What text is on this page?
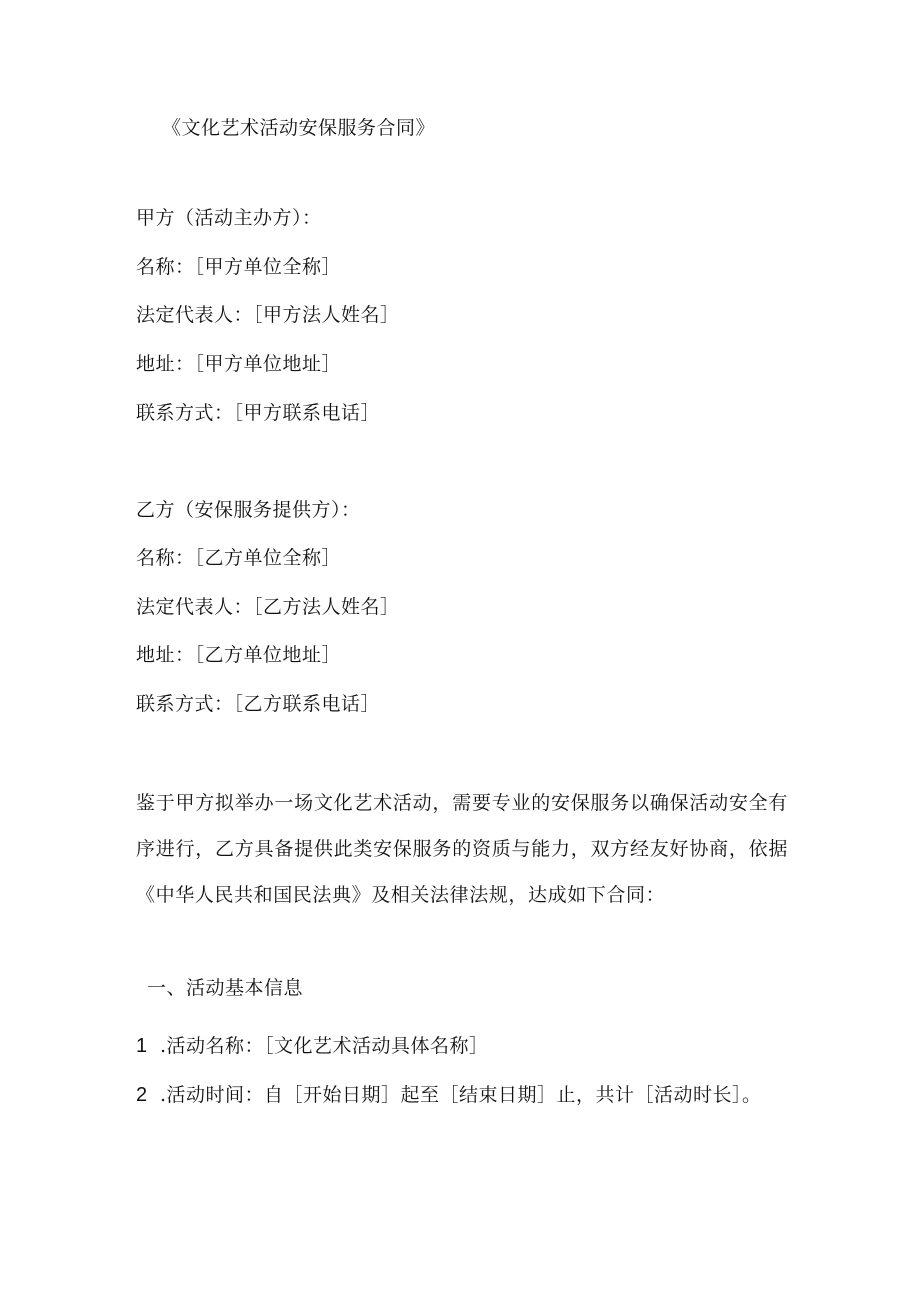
《文化艺术活动安保服务合同》
甲方（活动主办方）：
名称：［甲方单位全称］
法定代表人：［甲方法人姓名］
地址：［甲方单位地址］
联系方式：［甲方联系电话］
乙方（安保服务提供方）：
名称：［乙方单位全称］
法定代表人：［乙方法人姓名］
地址：［乙方单位地址］
联系方式：［乙方联系电话］
鉴于甲方拟举办一场文化艺术活动，需要专业的安保服务以确保活动安全有序进行，乙方具备提供此类安保服务的资质与能力，双方经友好协商，依据《中华人民共和国民法典》及相关法律法规，达成如下合同：
一、活动基本信息
1 .活动名称：［文化艺术活动具体名称］
2 .活动时间：自［开始日期］起至［结束日期］止，共计［活动时长］。
